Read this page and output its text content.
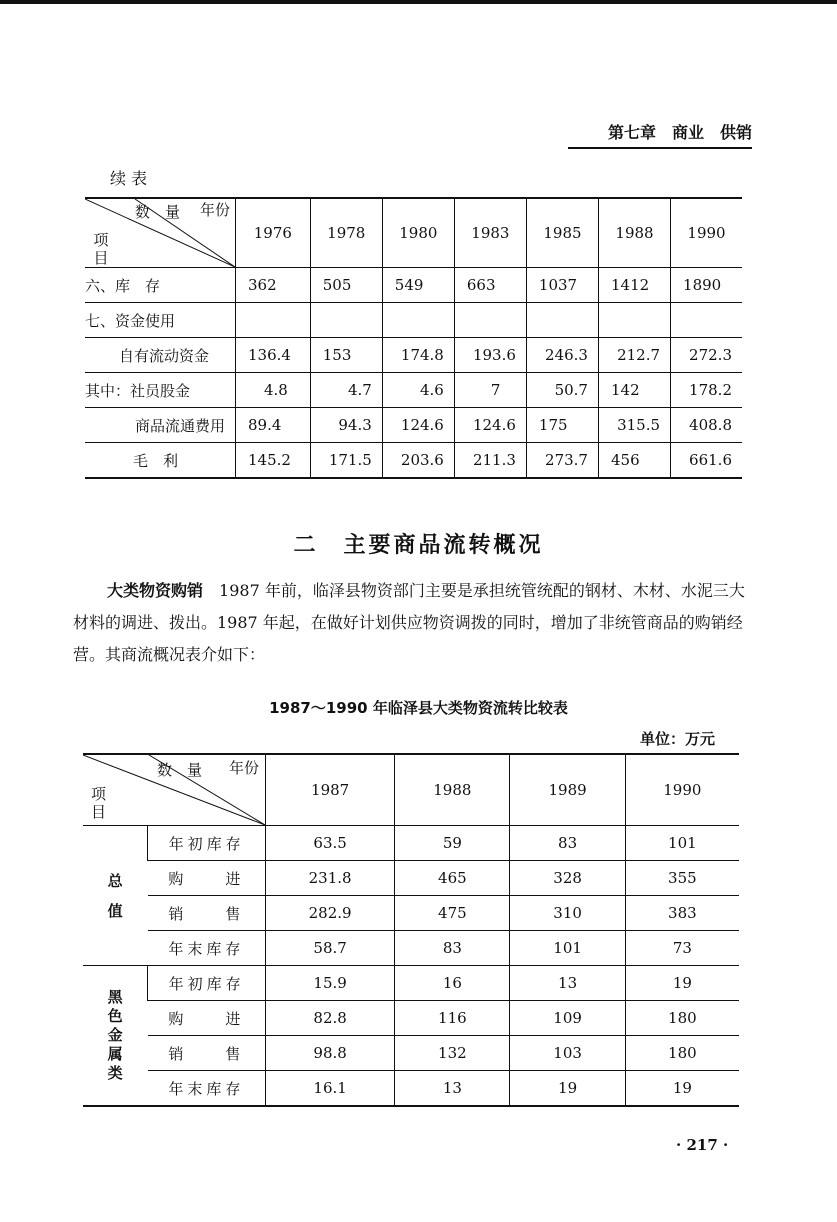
第七章　商业　供销
续 表
数　量 年份
项目	1976	1978	1980	1983	1985	1988	1990
六、库　存	362	505	549	663	1037	1412	1890
七、资金使用							
自有流动资金	136.4	153	174.8	193.6	246.3	212.7	272.3
其中：社员股金	4.8	4.7	4.6	7	50.7	142	178.2
商品流通费用	89.4	94.3	124.6	124.6	175	315.5	408.8
毛　利	145.2	171.5	203.6	211.3	273.7	456	661.6
二　主要商品流转概况
大类物资购销　 1987 年前，临泽县物资部门主要是承担统管统配的钢材、木材、水泥三大材料的调进、拨出。1987 年起，在做好计划供应物资调拨的同时，增加了非统管商品的购销经营。其商流概况表介如下：
1987～1990 年临泽县大类物资流转比较表
单位：万元
数　量 年份
项目		1987	1988	1989	1990
总值	年初库存	63.5	59	83	101
	购　　进	231.8	465	328	355
	销　　售	282.9	475	310	383
	年末库存	58.7	83	101	73
黑色金属类	年初库存	15.9	16	13	19
	购　　进	82.8	116	109	180
	销　　售	98.8	132	103	180
	年末库存	16.1	13	19	19
· 217 ·
